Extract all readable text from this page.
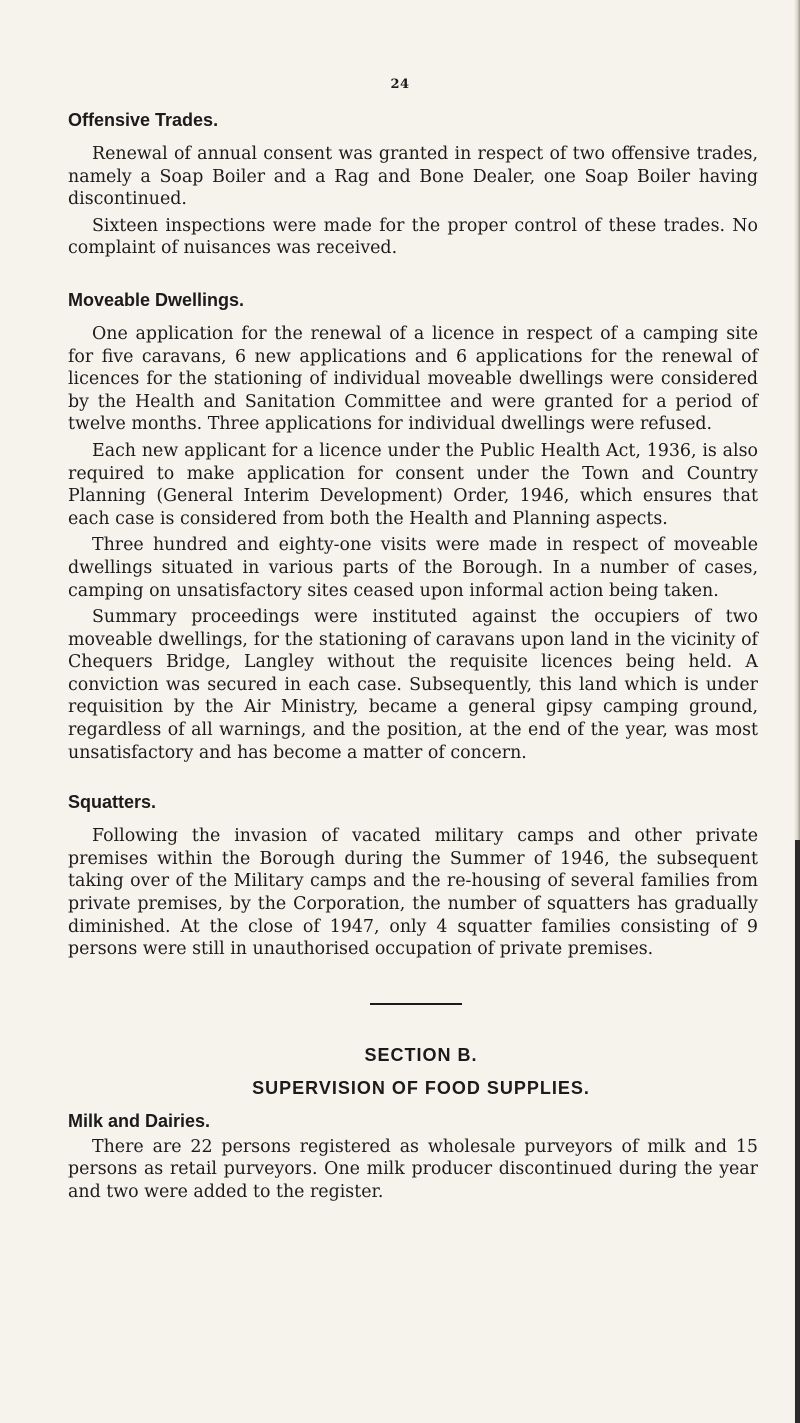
24
Offensive Trades.

Renewal of annual consent was granted in respect of two offensive trades, namely a Soap Boiler and a Rag and Bone Dealer, one Soap Boiler having discontinued.

Sixteen inspections were made for the proper control of these trades. No complaint of nuisances was received.

Moveable Dwellings.

One application for the renewal of a licence in respect of a camping site for five caravans, 6 new applications and 6 applications for the renewal of licences for the stationing of individual moveable dwellings were considered by the Health and Sanitation Committee and were granted for a period of twelve months. Three applications for individual dwellings were refused.

Each new applicant for a licence under the Public Health Act, 1936, is also required to make application for consent under the Town and Country Planning (General Interim Development) Order, 1946, which ensures that each case is considered from both the Health and Planning aspects.

Three hundred and eighty-one visits were made in respect of moveable dwellings situated in various parts of the Borough. In a number of cases, camping on unsatisfactory sites ceased upon informal action being taken.

Summary proceedings were instituted against the occupiers of two moveable dwellings, for the stationing of caravans upon land in the vicinity of Chequers Bridge, Langley without the requisite licences being held. A conviction was secured in each case. Subsequently, this land which is under requisition by the Air Ministry, became a general gipsy camping ground, regardless of all warnings, and the position, at the end of the year, was most unsatisfactory and has become a matter of concern.

Squatters.

Following the invasion of vacated military camps and other private premises within the Borough during the Summer of 1946, the subsequent taking over of the Military camps and the re-housing of several families from private premises, by the Corporation, the number of squatters has gradually diminished. At the close of 1947, only 4 squatter families consisting of 9 persons were still in unauthorised occupation of private premises.

SECTION B.
SUPERVISION OF FOOD SUPPLIES.
Milk and Dairies.

There are 22 persons registered as wholesale purveyors of milk and 15 persons as retail purveyors. One milk producer discontinued during the year and two were added to the register.
